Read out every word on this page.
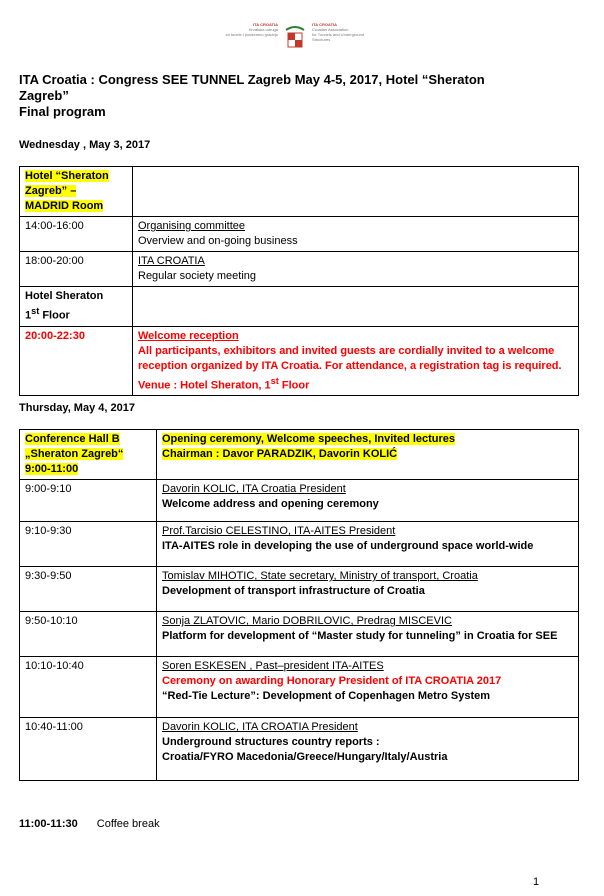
ITA CROATIA
Hrvatska udruga
za tunele i podzemnu gradnju
ITA CROATIA
Croatian Association
for Tunnels and Underground Structures
ITA Croatia : Congress SEE TUNNEL Zagreb May 4-5, 2017, Hotel “Sheraton
Zagreb”
Final program
Wednesday , May 3, 2017
Hotel “Sheraton
Zagreb” –
MADRID Room	
14:00-16:00	Organising committee
Overview and on-going business
18:00-20:00	ITA CROATIA
Regular society meeting
Hotel Sheraton
1st Floor	
20:00-22:30	Welcome reception
All participants, exhibitors and invited guests are cordially invited to a welcome reception organized by ITA Croatia. For attendance, a registration tag is required.
Venue : Hotel Sheraton, 1st Floor
Thursday, May 4, 2017
Conference Hall B
„Sheraton Zagreb“
9:00-11:00	Opening ceremony, Welcome speeches, Invited lectures
Chairman : Davor PARADZIK, Davorin KOLIĆ
9:00-9:10	Davorin KOLIC, ITA Croatia President
Welcome address and opening ceremony
9:10-9:30	Prof.Tarcisio CELESTINO, ITA-AITES President
ITA-AITES role in developing the use of underground space world-wide
9:30-9:50	Tomislav MIHOTIC, State secretary, Ministry of transport, Croatia
Development of transport infrastructure of Croatia
9:50-10:10	Sonja ZLATOVIC, Mario DOBRILOVIC, Predrag MISCEVIC
Platform for development of “Master study for tunneling” in Croatia for SEE
10:10-10:40	Soren ESKESEN , Past–president ITA-AITES
Ceremony on awarding Honorary President of ITA CROATIA 2017
“Red-Tie Lecture”: Development of Copenhagen Metro System
10:40-11:00	Davorin KOLIC, ITA CROATIA President
Underground structures country reports :
Croatia/FYRO Macedonia/Greece/Hungary/Italy/Austria
11:00-11:30 Coffee break
1
